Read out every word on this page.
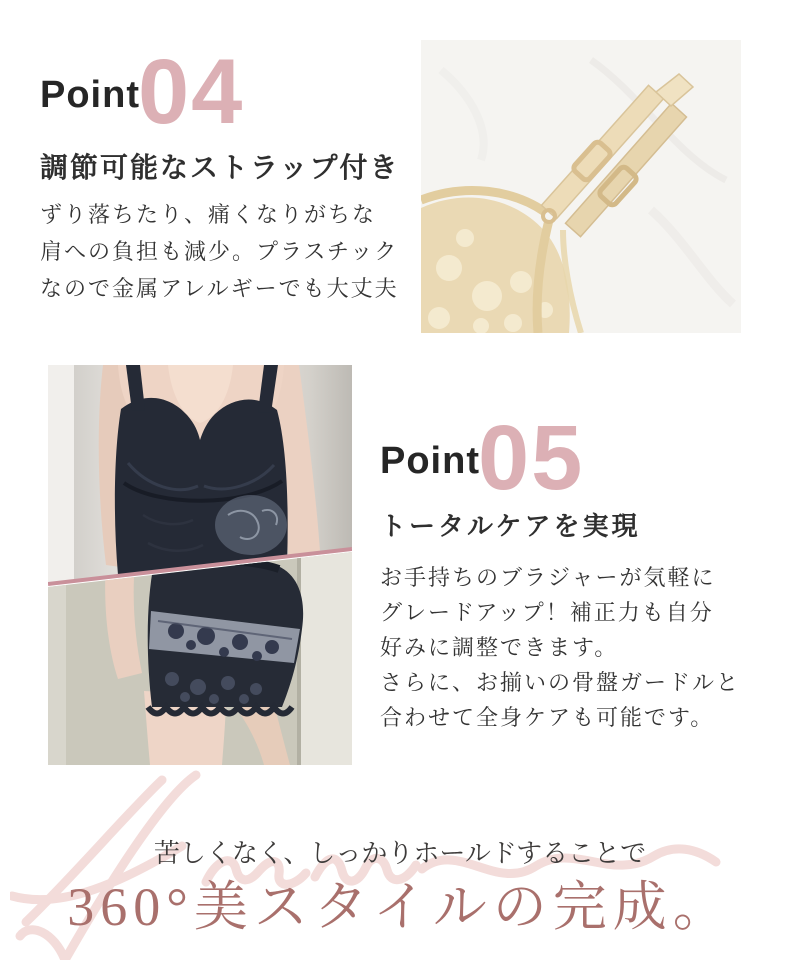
Point
04
調節可能なストラップ付き
ずり落ちたり、痛くなりがちな
肩への負担も減少。プラスチック
なので金属アレルギーでも大丈夫
Point
05
トータルケアを実現
お手持ちのブラジャーが気軽に
グレードアップ！補正力も自分
好みに調整できます。
さらに、お揃いの骨盤ガードルと
合わせて全身ケアも可能です。
苦しくなく、しっかりホールドすることで
360°美スタイルの完成。
